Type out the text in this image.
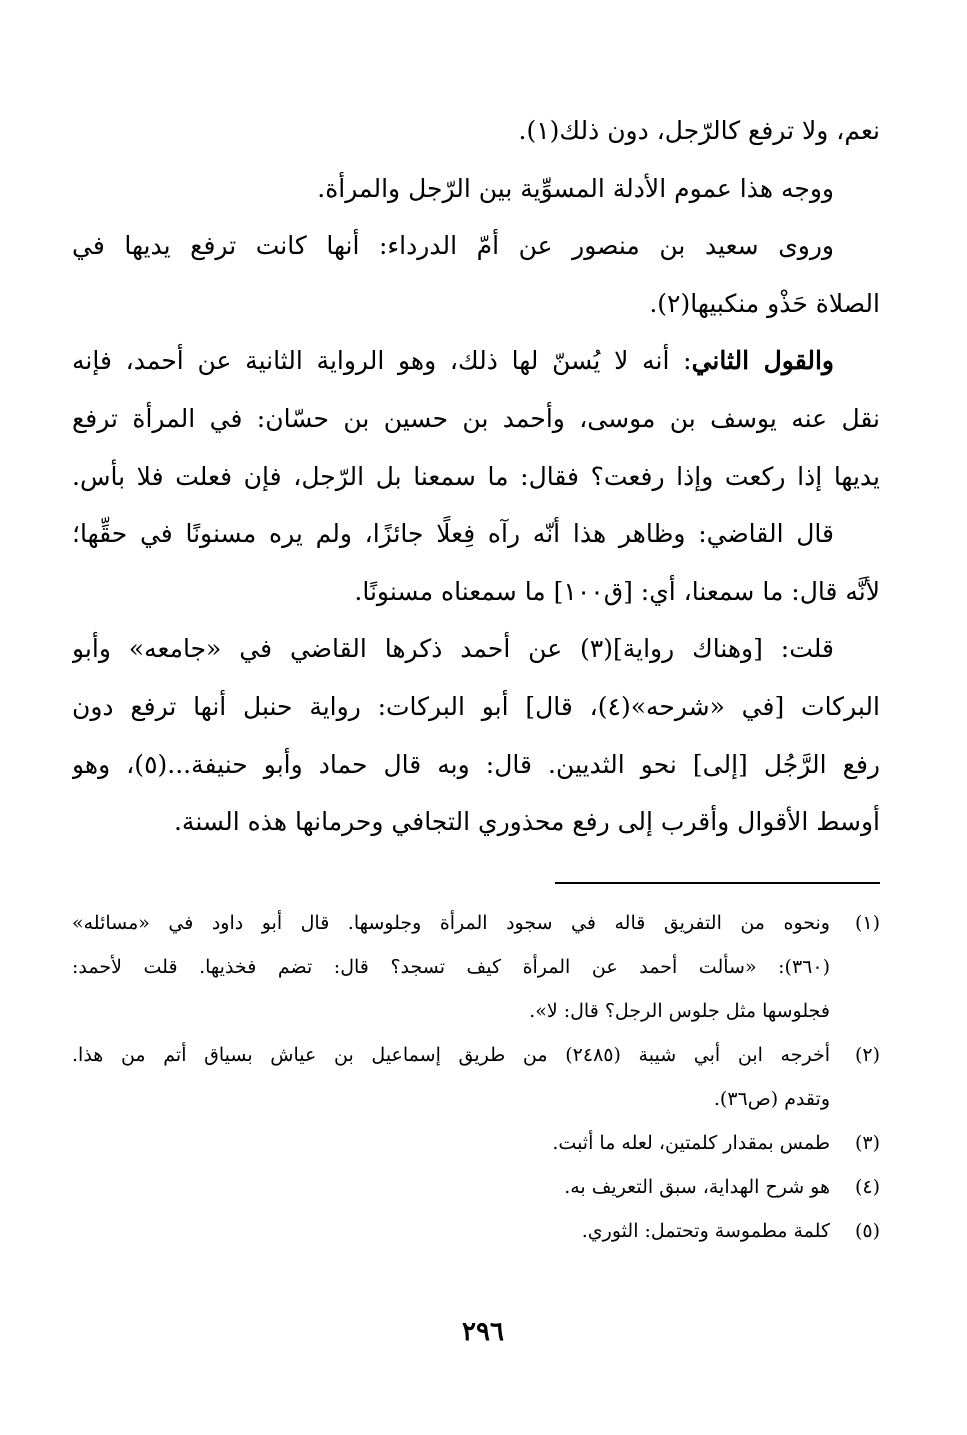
نعم، ولا ترفع كالرّجل، دون ذلك(١).
ووجه هذا عموم الأدلة المسوِّية بين الرّجل والمرأة.
وروى سعيد بن منصور عن أمّ الدرداء: أنها كانت ترفع يديها في
الصلاة حَذْو منكبيها(٢).
والقول الثاني: أنه لا يُسنّ لها ذلك، وهو الرواية الثانية عن أحمد، فإنه
نقل عنه يوسف بن موسى، وأحمد بن حسين بن حسّان: في المرأة ترفع
يديها إذا ركعت وإذا رفعت؟ فقال: ما سمعنا بل الرّجل، فإن فعلت فلا بأس.
قال القاضي: وظاهر هذا أنّه رآه فِعلًا جائزًا، ولم يره مسنونًا في حقِّها؛
لأنَّه قال: ما سمعنا، أي: [ق١٠٠] ما سمعناه مسنونًا.
قلت: [وهناك رواية](٣) عن أحمد ذكرها القاضي في «جامعه» وأبو
البركات [في «شرحه»(٤)، قال] أبو البركات: رواية حنبل أنها ترفع دون
رفع الرَّجُل [إلى] نحو الثديين. قال: وبه قال حماد وأبو حنيفة...(٥)، وهو
أوسط الأقوال وأقرب إلى رفع محذوري التجافي وحرمانها هذه السنة.
(١)
ونحوه من التفريق قاله في سجود المرأة وجلوسها. قال أبو داود في «مسائله»
(٣٦٠): «سألت أحمد عن المرأة كيف تسجد؟ قال: تضم فخذيها. قلت لأحمد:
فجلوسها مثل جلوس الرجل؟ قال: لا».
(٢)
أخرجه ابن أبي شيبة (٢٤٨٥) من طريق إسماعيل بن عياش بسياق أتم من هذا.
وتقدم (ص٣٦).
(٣)
طمس بمقدار كلمتين، لعله ما أثبت.
(٤)
هو شرح الهداية، سبق التعريف به.
(٥)
كلمة مطموسة وتحتمل: الثوري.
٢٩٦
